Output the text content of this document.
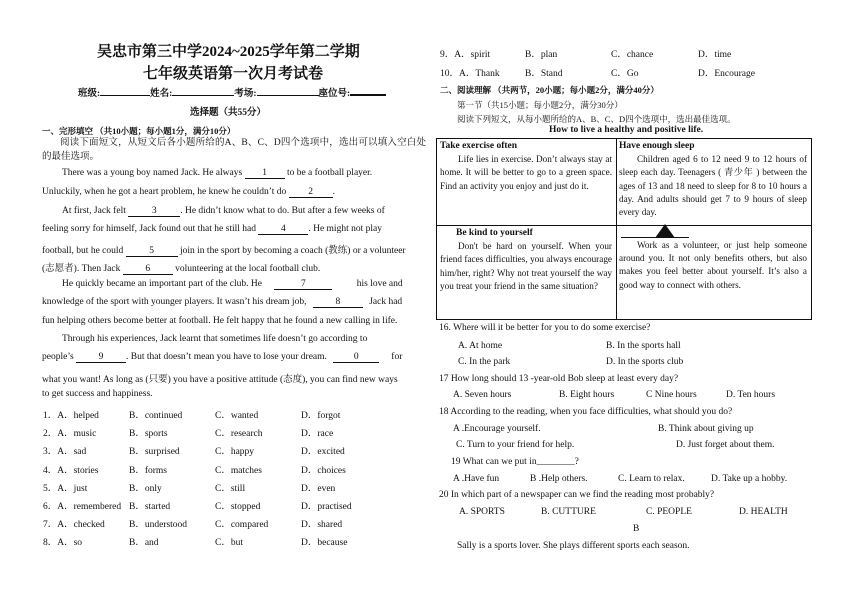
吴忠市第三中学2024~2025学年第二学期
七年级英语第一次月考试卷
班级:	姓名:	考场:	座位号:
选择题（共55分）
一、完形填空 （共10小题；每小题1分，满分10分）
阅读下面短文，从短文后各小题所给的A、B、C、D四个选项中，选出可以填入空白处的最佳选项。
There was a young boy named Jack. He always 1 to be a football player.
Unluckily, when he got a heart problem, he knew he couldn’t do 2 .
At first, Jack felt	3 . He didn’t know what to do. But after a few weeks of
feeling sorry for himself, Jack found out that he still had	4 . He might not play
football, but he could	5	join in the sport by becoming a coach (教练) or a volunteer
(志愿者). Then Jack	6	volunteering at the local football club.
He quickly became an important part of the club. He	7	his love and
knowledge of the sport with younger players. It wasn’t his dream job,	8	Jack had
fun helping others become better at football. He felt happy that he found a new calling in life.
Through his experiences, Jack learnt that sometimes life doesn’t go according to
people’s	9 . But that doesn’t mean you have to lose your dream.	0	for
what you want! As long as (只要) you have a positive attitude (态度), you can find new ways
to get success and happiness.
1．A．helped	B．continued	C．wanted	D．forgot
2．A．music	B．sports	C．research	D．race
3．A．sad	B．surprised	C．happy	D．excited
4．A．stories	B．forms	C．matches	D．choices
5．A．just	B．only	C．still	D．even
6．A．remembered B．started	C．stopped	D．practised
7．A．checked	B．understood	C．compared	D．shared
8．A．so	B．and	C．but	D．because
9．A．spirit	B．plan	C．chance	D．time
10．A．Thank	B．Stand	C．Go	D．Encourage
二、阅读理解 （共两节，20小题；每小题2分，满分40分）
第一节（共15小题；每小题2分，满分30分）
阅读下列短文，从每小题所给的A、B、C、D四个选项中，选出最佳选项。
How to live a healthy and positive life.
Take exercise often
Life lies in exercise. Don’t always stay at home. It will be better to go to a green space. Find an activity you enjoy and just do it.
Have enough sleep
Children aged 6 to 12 need 9 to 12 hours of sleep each day. Teenagers ( 青少年 ) between the ages of 13 and 18 need to sleep for 8 to 10 hours a day. And adults should get 7 to 9 hours of sleep every day.
Be kind to yourself
Don't be hard on yourself. When your friend faces difficulties, you always encourage him/her, right? Why not treat yourself the way you treat your friend in the same situation?
Work as a volunteer, or just help someone around you. It not only benefits others, but also makes you feel better about yourself. It’s also a good way to connect with others.
16. Where will it be better for you to do some exercise?
A. At home	B. In the sports hall
C. In the park	D. In the sports club
17 How long should 13 -year-old Bob sleep at least every day?
A. Seven hours	B. Eight hours	C Nine hours	D. Ten hours
18 According to the reading, when you face difficulties, what should you do?
A .Encourage yourself.	B. Think about giving up
C. Turn to your friend for help.	D. Just forget about them.
19 What can we put in________?
A .Have fun	B .Help others.	C. Learn to relax.	D. Take up a hobby.
20 In which part of a newspaper can we find the reading most probably?
A. SPORTS	B. CUTTURE	C. PEOPLE	D. HEALTH
B
Sally is a sports lover. She plays different sports each season.
